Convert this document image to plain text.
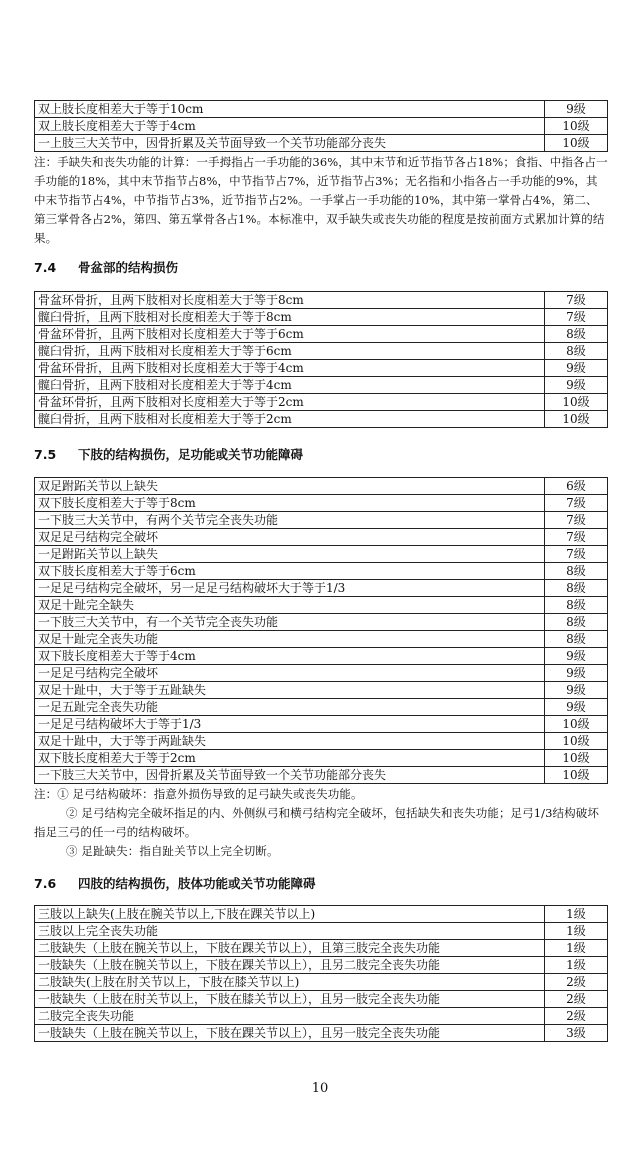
双上肢长度相差大于等于10cm	9级
双上肢长度相差大于等于4cm	10级
一上肢三大关节中，因骨折累及关节面导致一个关节功能部分丧失	10级

注：手缺失和丧失功能的计算：一手拇指占一手功能的36%，其中末节和近节指节各占18%；食指、中指各占一手功能的18%，其中末节指节占8%，中节指节占7%，近节指节占3%；无名指和小指各占一手功能的9%，其中末节指节占4%，中节指节占3%，近节指节占2%。一手掌占一手功能的10%，其中第一掌骨占4%，第二、第三掌骨各占2%，第四、第五掌骨各占1%。本标准中，双手缺失或丧失功能的程度是按前面方式累加计算的结果。

7.4 骨盆部的结构损伤
骨盆环骨折，且两下肢相对长度相差大于等于8cm	7级
髋臼骨折，且两下肢相对长度相差大于等于8cm	7级
骨盆环骨折，且两下肢相对长度相差大于等于6cm	8级
髋臼骨折，且两下肢相对长度相差大于等于6cm	8级
骨盆环骨折，且两下肢相对长度相差大于等于4cm	9级
髋臼骨折，且两下肢相对长度相差大于等于4cm	9级
骨盆环骨折，且两下肢相对长度相差大于等于2cm	10级
髋臼骨折，且两下肢相对长度相差大于等于2cm	10级
7.5 下肢的结构损伤，足功能或关节功能障碍
双足跗跖关节以上缺失	6级
双下肢长度相差大于等于8cm	7级
一下肢三大关节中，有两个关节完全丧失功能	7级
双足足弓结构完全破坏	7级
一足跗跖关节以上缺失	7级
双下肢长度相差大于等于6cm	8级
一足足弓结构完全破坏，另一足足弓结构破坏大于等于1/3	8级
双足十趾完全缺失	8级
一下肢三大关节中，有一个关节完全丧失功能	8级
双足十趾完全丧失功能	8级
双下肢长度相差大于等于4cm	9级
一足足弓结构完全破坏	9级
双足十趾中，大于等于五趾缺失	9级
一足五趾完全丧失功能	9级
一足足弓结构破坏大于等于1/3	10级
双足十趾中，大于等于两趾缺失	10级
双下肢长度相差大于等于2cm	10级
一下肢三大关节中，因骨折累及关节面导致一个关节功能部分丧失	10级

注：① 足弓结构破坏：指意外损伤导致的足弓缺失或丧失功能。

② 足弓结构完全破坏指足的内、外侧纵弓和横弓结构完全破坏，包括缺失和丧失功能；足弓1/3结构破坏指足三弓的任一弓的结构破坏。

③ 足趾缺失：指自趾关节以上完全切断。

7.6 四肢的结构损伤，肢体功能或关节功能障碍
三肢以上缺失(上肢在腕关节以上,下肢在踝关节以上)	1级
三肢以上完全丧失功能	1级
二肢缺失（上肢在腕关节以上，下肢在踝关节以上），且第三肢完全丧失功能	1级
一肢缺失（上肢在腕关节以上，下肢在踝关节以上），且另二肢完全丧失功能	1级
二肢缺失(上肢在肘关节以上，下肢在膝关节以上)	2级
一肢缺失（上肢在肘关节以上，下肢在膝关节以上），且另一肢完全丧失功能	2级
二肢完全丧失功能	2级
一肢缺失（上肢在腕关节以上，下肢在踝关节以上），且另一肢完全丧失功能	3级
10
